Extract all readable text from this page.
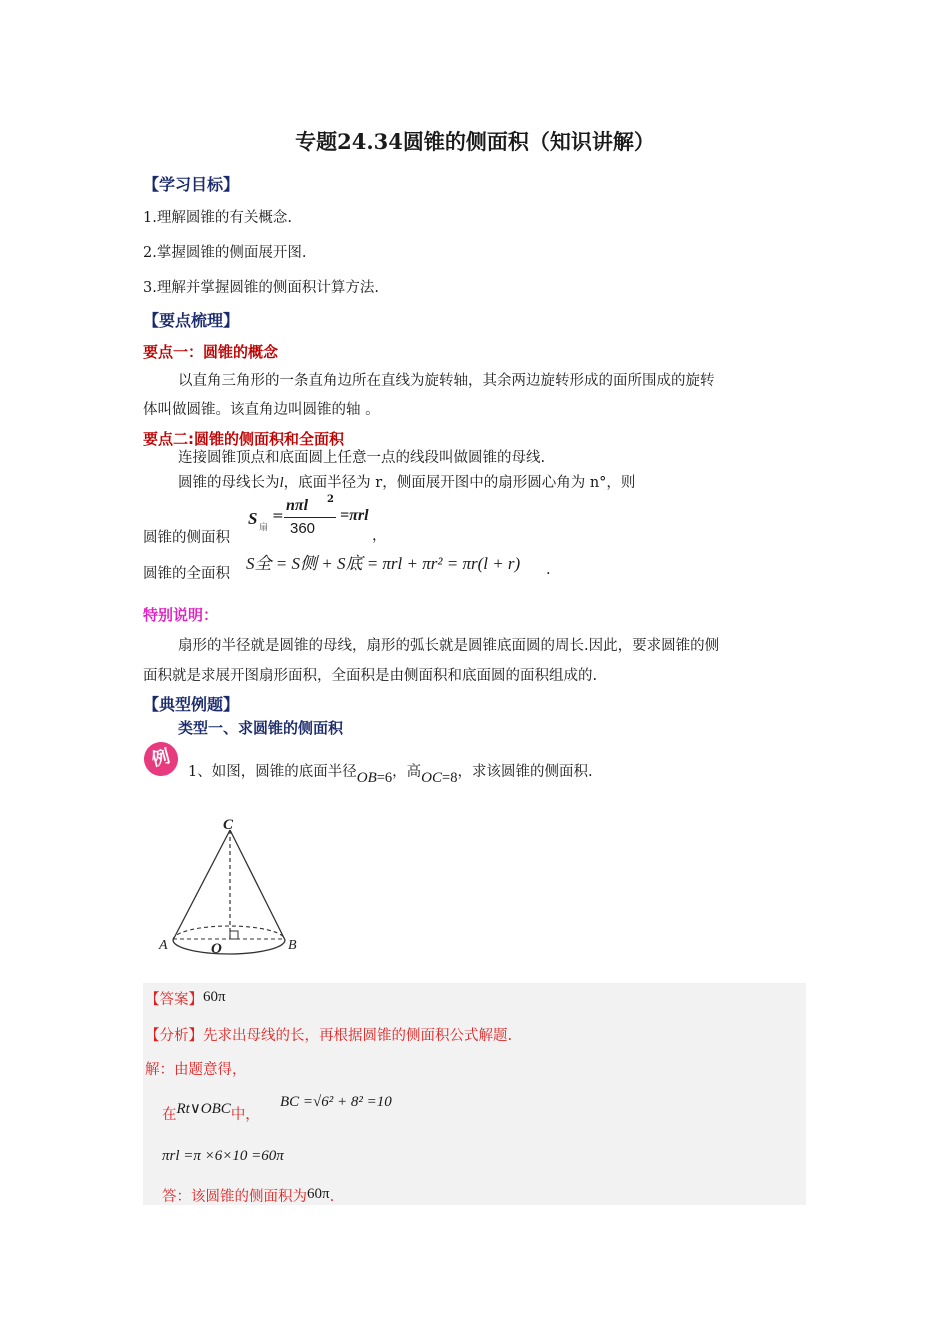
专题24.34圆锥的侧面积（知识讲解）
【学习目标】
1.理解圆锥的有关概念.
2.掌握圆锥的侧面展开图.
3.理解并掌握圆锥的侧面积计算方法.
【要点梳理】
要点一：圆锥的概念
以直角三角形的一条直角边所在直线为旋转轴，其余两边旋转形成的面所围成的旋转
体叫做圆锥。该直角边叫圆锥的轴 。
要点二:圆锥的侧面积和全面积
连接圆锥顶点和底面圆上任意一点的线段叫做圆锥的母线.
圆锥的母线长为l，底面半径为 r，侧面展开图中的扇形圆心角为 n°，则
圆锥的侧面积
S 扇
=
nπl 2
360
=πrl
，
圆锥的全面积
S全 = S侧 + S底 = πrl + πr² = πr(l + r) .
特别说明：
扇形的半径就是圆锥的母线，扇形的弧长就是圆锥底面圆的周长.因此，要求圆锥的侧
面积就是求展开图扇形面积，全面积是由侧面积和底面圆的面积组成的.
【典型例题】
类型一、求圆锥的侧面积
例
1、如图，圆锥的底面半径OB=6，高OC=8，求该圆锥的侧面积.
C
A	O	B
【答案】60π
【分析】先求出母线的长，再根据圆锥的侧面积公式解题.
解：由题意得，
在Rt∨OBC中，
BC =√6² + 8² =10
πrl =π ×6×10 =60π
答：该圆锥的侧面积为60π.
